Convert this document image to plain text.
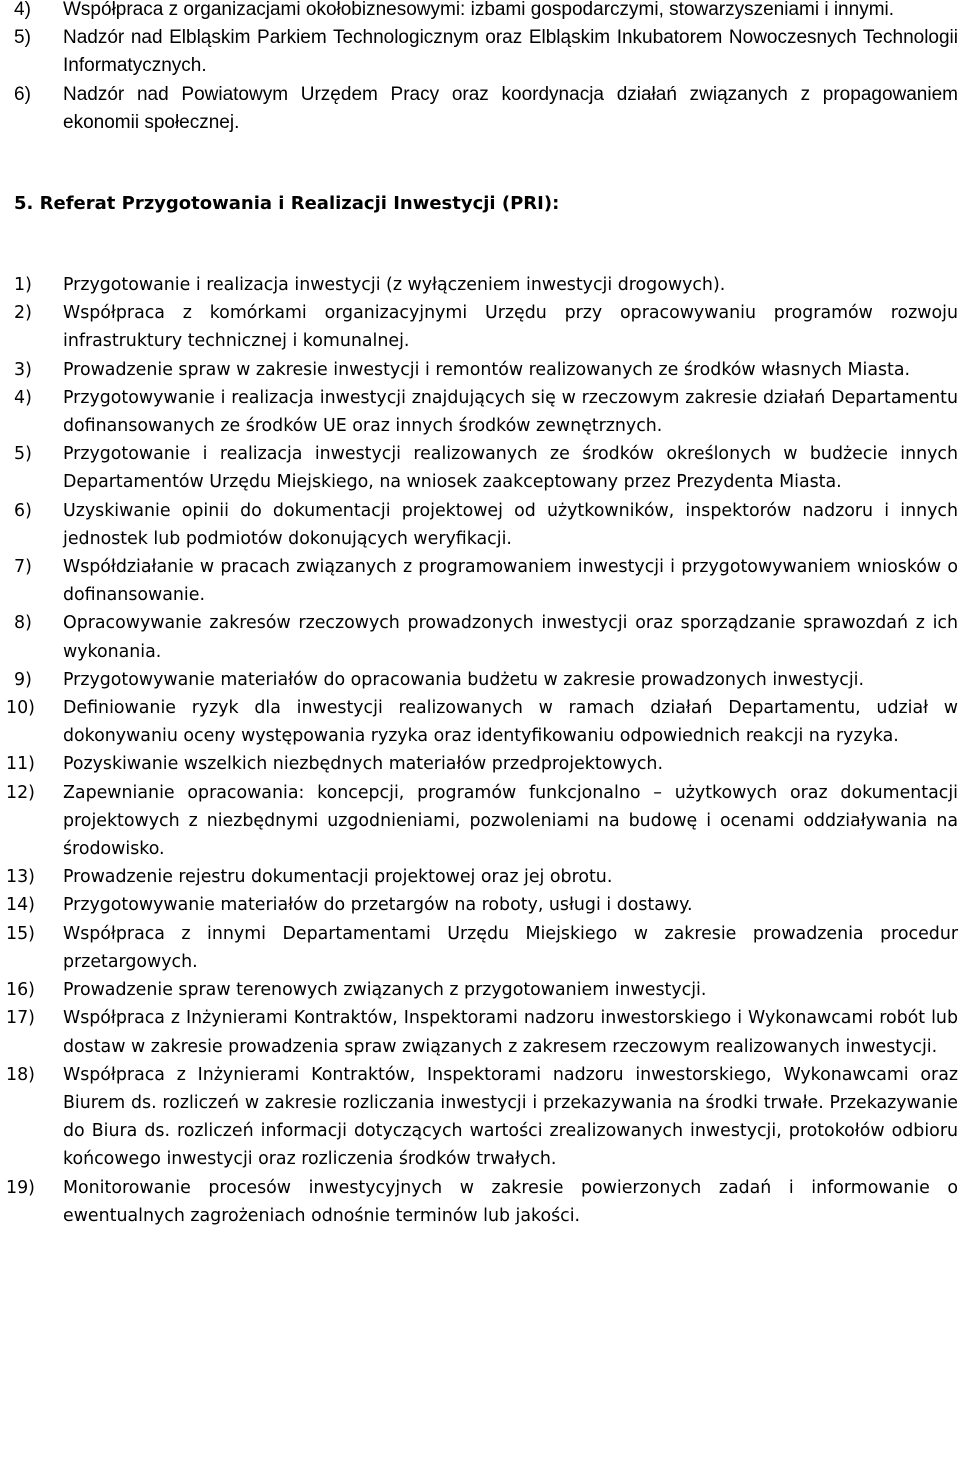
4)	Współpraca z organizacjami okołobiznesowymi: izbami gospodarczymi, stowarzyszeniami i innymi.
5)	Nadzór nad Elbląskim Parkiem Technologicznym oraz Elbląskim Inkubatorem Nowoczesnych Technologii Informatycznych.
6)	Nadzór nad Powiatowym Urzędem Pracy oraz koordynacja działań związanych z propagowaniem ekonomii społecznej.
5. Referat Przygotowania i Realizacji Inwestycji (PRI):
1)	Przygotowanie i realizacja inwestycji (z wyłączeniem inwestycji drogowych).
2)	Współpraca z komórkami organizacyjnymi Urzędu przy opracowywaniu programów rozwoju infrastruktury technicznej i komunalnej.
3)	Prowadzenie spraw w zakresie inwestycji i remontów realizowanych ze środków własnych Miasta.
4)	Przygotowywanie i realizacja inwestycji znajdujących się w rzeczowym zakresie działań Departamentu dofinansowanych ze środków UE oraz innych środków zewnętrznych.
5)	Przygotowanie i realizacja inwestycji realizowanych ze środków określonych w budżecie innych Departamentów Urzędu Miejskiego, na wniosek zaakceptowany przez Prezydenta Miasta.
6)	Uzyskiwanie opinii do dokumentacji projektowej od użytkowników, inspektorów nadzoru i innych jednostek lub podmiotów dokonujących weryfikacji.
7)	Współdziałanie w pracach związanych z programowaniem inwestycji i przygotowywaniem wniosków o dofinansowanie.
8)	Opracowywanie zakresów rzeczowych prowadzonych inwestycji oraz sporządzanie sprawozdań z ich wykonania.
9)	Przygotowywanie materiałów do opracowania budżetu w zakresie prowadzonych inwestycji.
10)	Definiowanie ryzyk dla inwestycji realizowanych w ramach działań Departamentu, udział w dokonywaniu oceny występowania ryzyka oraz identyfikowaniu odpowiednich reakcji na ryzyka.
11)	Pozyskiwanie wszelkich niezbędnych materiałów przedprojektowych.
12)	Zapewnianie opracowania: koncepcji, programów funkcjonalno – użytkowych oraz dokumentacji projektowych z niezbędnymi uzgodnieniami, pozwoleniami na budowę i ocenami oddziaływania na środowisko.
13)	Prowadzenie rejestru dokumentacji projektowej oraz jej obrotu.
14)	Przygotowywanie materiałów do przetargów na roboty, usługi i dostawy.
15)	Współpraca z innymi Departamentami Urzędu Miejskiego w zakresie prowadzenia procedur przetargowych.
16)	Prowadzenie spraw terenowych związanych z przygotowaniem inwestycji.
17)	Współpraca z Inżynierami Kontraktów, Inspektorami nadzoru inwestorskiego i Wykonawcami robót lub dostaw w zakresie prowadzenia spraw związanych z zakresem rzeczowym realizowanych inwestycji.
18)	Współpraca z Inżynierami Kontraktów, Inspektorami nadzoru inwestorskiego, Wykonawcami oraz Biurem ds. rozliczeń w zakresie rozliczania inwestycji i przekazywania na środki trwałe. Przekazywanie do Biura ds. rozliczeń informacji dotyczących wartości zrealizowanych inwestycji, protokołów odbioru końcowego inwestycji oraz rozliczenia środków trwałych.
19)	Monitorowanie procesów inwestycyjnych w zakresie powierzonych zadań i informowanie o ewentualnych zagrożeniach odnośnie terminów lub jakości.
